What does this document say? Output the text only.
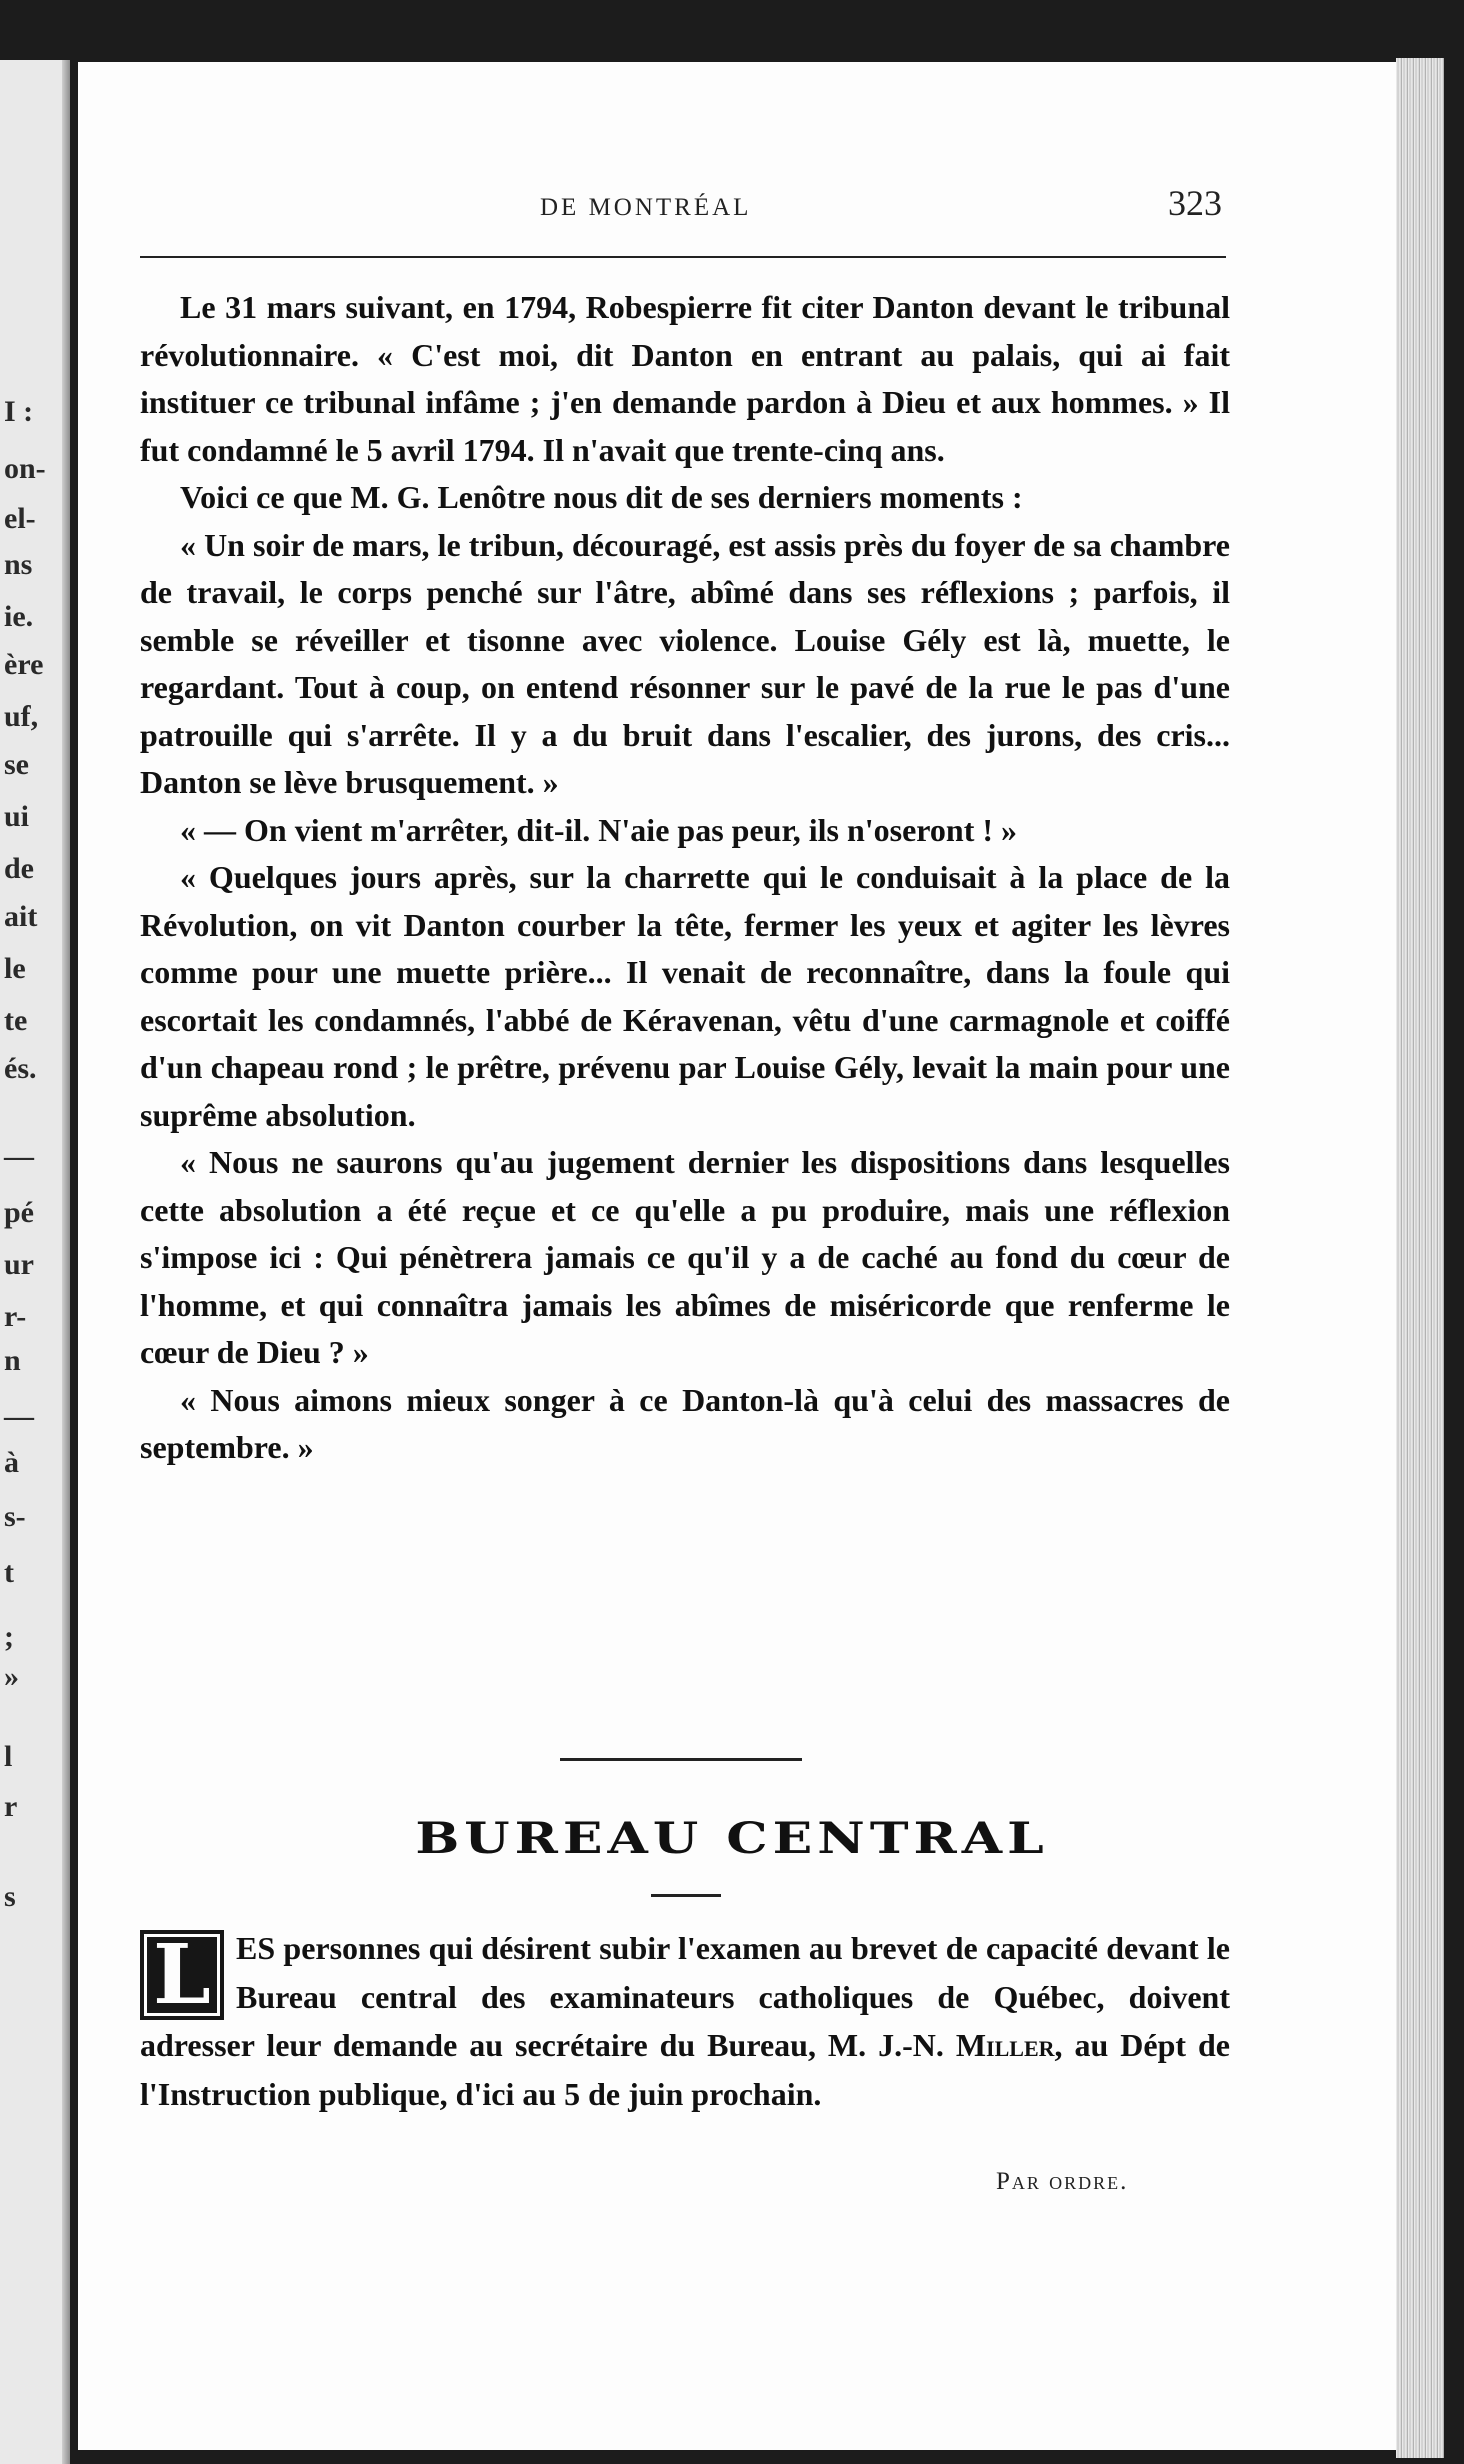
I :
on-
el-
ns
ie.
ère
uf,
se
ui
de
ait
le
te
és.
—
pé
ur
r-
n
—
à
s-
t
;
»
l
r
s
DE MONTRÉAL	323

Le 31 mars suivant, en 1794, Robespierre fit citer Danton devant le tribunal révolutionnaire. « C'est moi, dit Danton en entrant au palais, qui ai fait instituer ce tribunal infâme ; j'en demande pardon à Dieu et aux hommes. » Il fut condamné le 5 avril 1794. Il n'avait que trente-cinq ans.

Voici ce que M. G. Lenôtre nous dit de ses derniers moments :

« Un soir de mars, le tribun, découragé, est assis près du foyer de sa chambre de travail, le corps penché sur l'âtre, abîmé dans ses réflexions ; parfois, il semble se réveiller et tisonne avec violence. Louise Gély est là, muette, le regardant. Tout à coup, on entend résonner sur le pavé de la rue le pas d'une patrouille qui s'arrête. Il y a du bruit dans l'escalier, des jurons, des cris... Danton se lève brusquement. »

« — On vient m'arrêter, dit-il. N'aie pas peur, ils n'oseront ! »

« Quelques jours après, sur la charrette qui le conduisait à la place de la Révolution, on vit Danton courber la tête, fermer les yeux et agiter les lèvres comme pour une muette prière... Il venait de reconnaître, dans la foule qui escortait les condamnés, l'abbé de Kéravenan, vêtu d'une carmagnole et coiffé d'un chapeau rond ; le prêtre, prévenu par Louise Gély, levait la main pour une suprême absolution.

« Nous ne saurons qu'au jugement dernier les dispositions dans lesquelles cette absolution a été reçue et ce qu'elle a pu produire, mais une réflexion s'impose ici : Qui pénètrera jamais ce qu'il y a de caché au fond du cœur de l'homme, et qui connaîtra jamais les abîmes de miséricorde que renferme le cœur de Dieu ? »

« Nous aimons mieux songer à ce Danton-là qu'à celui des massacres de septembre. »

BUREAU CENTRAL
L ES personnes qui désirent subir l'examen au brevet de capacité devant le Bureau central des examinateurs catholiques de Québec, doivent adresser leur demande au secrétaire du Bureau, M. J.-N. Miller, au Dépt de l'Instruction publique, d'ici au 5 de juin prochain.
Par ordre.
